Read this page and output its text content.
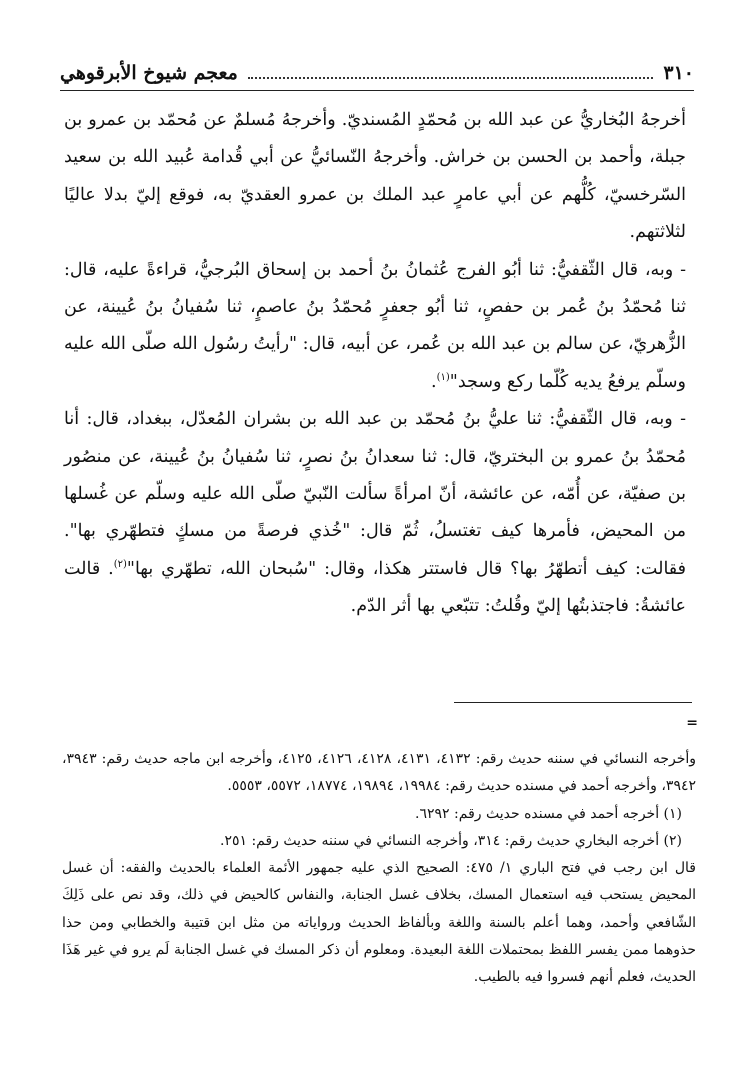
٣١٠
معجم شيوخ الأبرقوهي

أخرجهُ البُخاريُّ عن عبد الله بن مُحمّدٍ المُسنديّ. وأخرجهُ مُسلمٌ عن مُحمّد بن عمرو بن جبلة، وأحمد بن الحسن بن خراش. وأخرجهُ النّسائيُّ عن أبي قُدامة عُبيد الله بن سعيد السّرخسيّ، كُلُّهم عن أبي عامرٍ عبد الملك بن عمرو العقديّ به، فوقع إليّ بدلا عاليًا لثلاثتهم.

- وبه، قال الثّقفيُّ: ثنا أبُو الفرج عُثمانُ بنُ أحمد بن إسحاق البُرجيُّ، قراءةً عليه، قال: ثنا مُحمّدُ بنُ عُمر بن حفصٍ، ثنا أبُو جعفرٍ مُحمّدُ بنُ عاصمٍ، ثنا سُفيانُ بنُ عُيينة، عن الزُّهريّ، عن سالم بن عبد الله بن عُمر، عن أبيه، قال: "رأيتُ رسُول الله صلّى الله عليه وسلّم يرفعُ يديه كُلّما ركع وسجد"$^{(١)}$.

- وبه، قال الثّقفيُّ: ثنا عليُّ بنُ مُحمّد بن عبد الله بن بشران المُعدّل، ببغداد، قال: أنا مُحمّدُ بنُ عمرو بن البختريّ، قال: ثنا سعدانُ بنُ نصرٍ، ثنا سُفيانُ بنُ عُيينة، عن منصُور بن صفيّة، عن أُمّه، عن عائشة، أنّ امرأةً سألت النّبيّ صلّى الله عليه وسلّم عن غُسلها من المحيض، فأمرها كيف تغتسلُ، ثُمّ قال: "خُذي فرصةً من مسكٍ فتطهّري بها". فقالت: كيف أتطهّرُ بها؟ قال فاستتر هكذا، وقال: "سُبحان الله، تطهّري بها"$^{(٢)}$. قالت عائشةُ: فاجتذبتُها إليّ وقُلتُ: تتبّعي بها أثر الدّم.

=

وأخرجه النسائي في سننه حديث رقم: ٤١٣٢، ٤١٣١، ٤١٢٨، ٤١٢٦، ٤١٢٥، وأخرجه ابن ماجه حديث رقم: ٣٩٤٣، ٣٩٤٢، وأخرجه أحمد في مسنده حديث رقم: ١٩٩٨٤، ١٩٨٩٤، ١٨٧٧٤، ٥٥٧٢، ٥٥٥٣.

(١) أخرجه أحمد في مسنده حديث رقم: ٦٢٩٢.

(٢) أخرجه البخاري حديث رقم: ٣١٤، وأخرجه النسائي في سننه حديث رقم: ٢٥١.

قال ابن رجب في فتح الباري ١/ ٤٧٥: الصحيح الذي عليه جمهور الأئمة العلماء بالحديث والفقه: أن غسل المحيض يستحب فيه استعمال المسك، بخلاف غسل الجنابة، والنفاس كالحيض في ذلك، وقد نص على ذَلِكَ الشّافعي وأحمد، وهما أعلم بالسنة واللغة وبألفاظ الحديث ورواياته من مثل ابن قتيبة والخطابي ومن حذا حذوهما ممن يفسر اللفظ بمحتملات اللغة البعيدة. ومعلوم أن ذكر المسك في غسل الجنابة لَم يرو في غير هَذَا الحديث، فعلم أنهم فسروا فيه بالطيب.
